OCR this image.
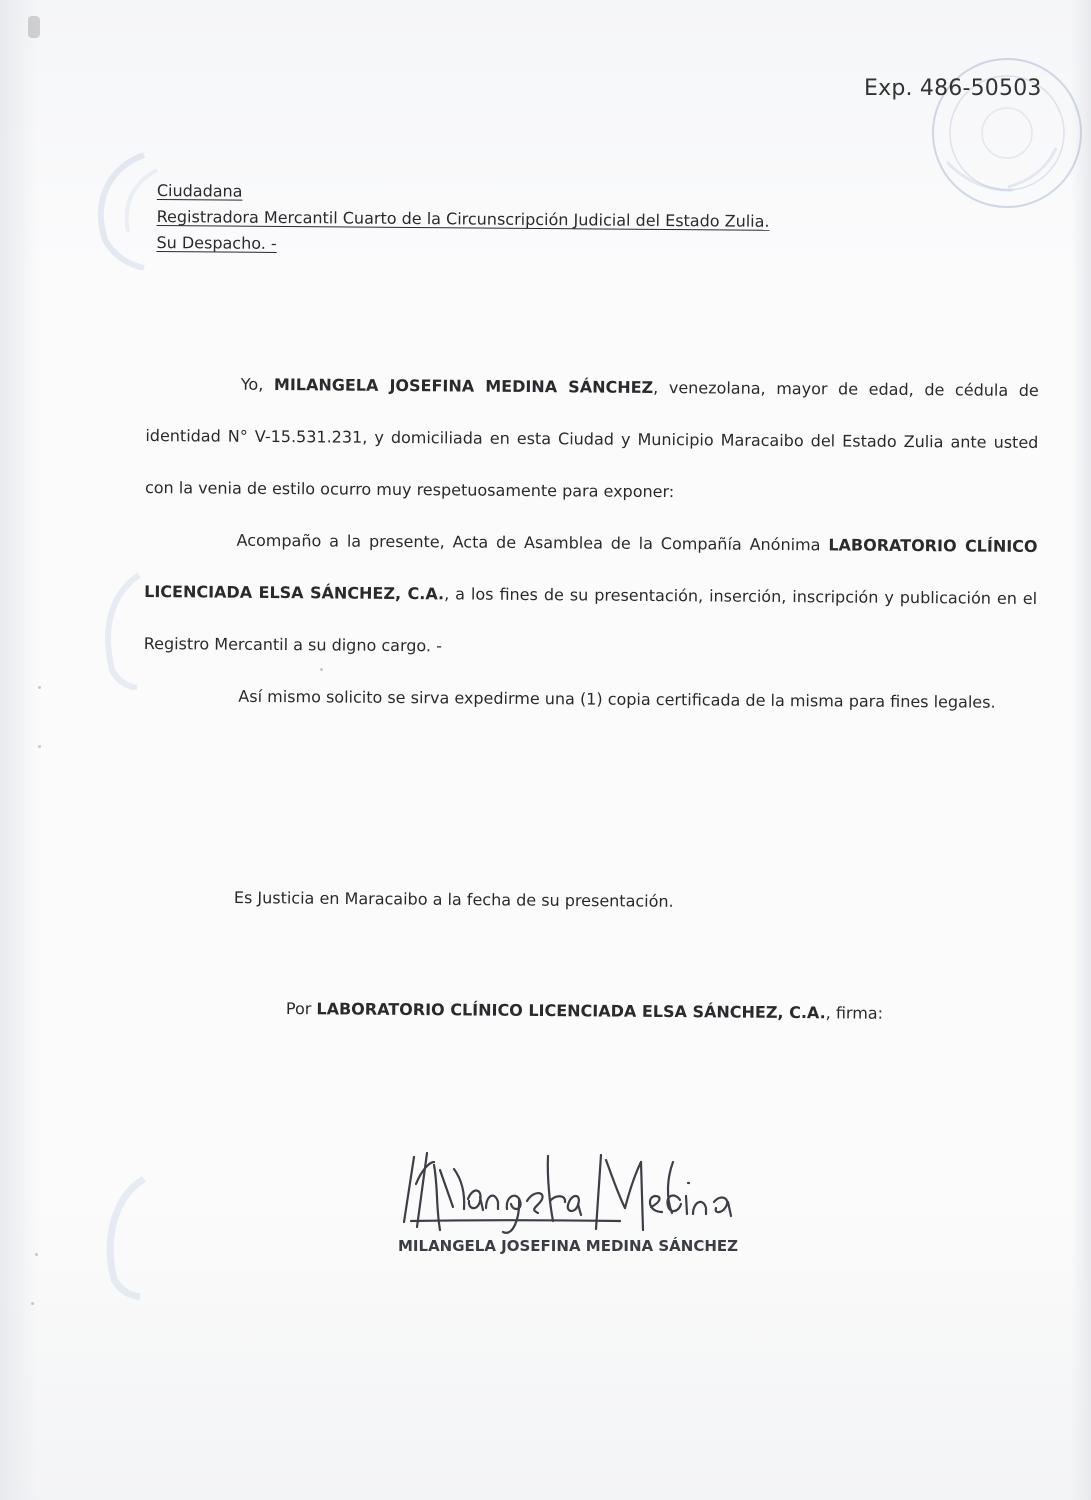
Exp. 486-50503
Ciudadana
Registradora Mercantil Cuarto de la Circunscripción Judicial del Estado Zulia.
Su Despacho. -

Yo, MILANGELA JOSEFINA MEDINA SÁNCHEZ, venezolana, mayor de edad, de cédula de identidad N° V-15.531.231, y domiciliada en esta Ciudad y Municipio Maracaibo del Estado Zulia ante usted con la venia de estilo ocurro muy respetuosamente para exponer:

Acompaño a la presente, Acta de Asamblea de la Compañía Anónima LABORATORIO CLÍNICO LICENCIADA ELSA SÁNCHEZ, C.A., a los fines de su presentación, inserción, inscripción y publicación en el Registro Mercantil a su digno cargo. -

Así mismo solicito se sirva expedirme una (1) copia certificada de la misma para fines legales.

Es Justicia en Maracaibo a la fecha de su presentación.
Por LABORATORIO CLÍNICO LICENCIADA ELSA SÁNCHEZ, C.A., firma:
MILANGELA JOSEFINA MEDINA SÁNCHEZ
